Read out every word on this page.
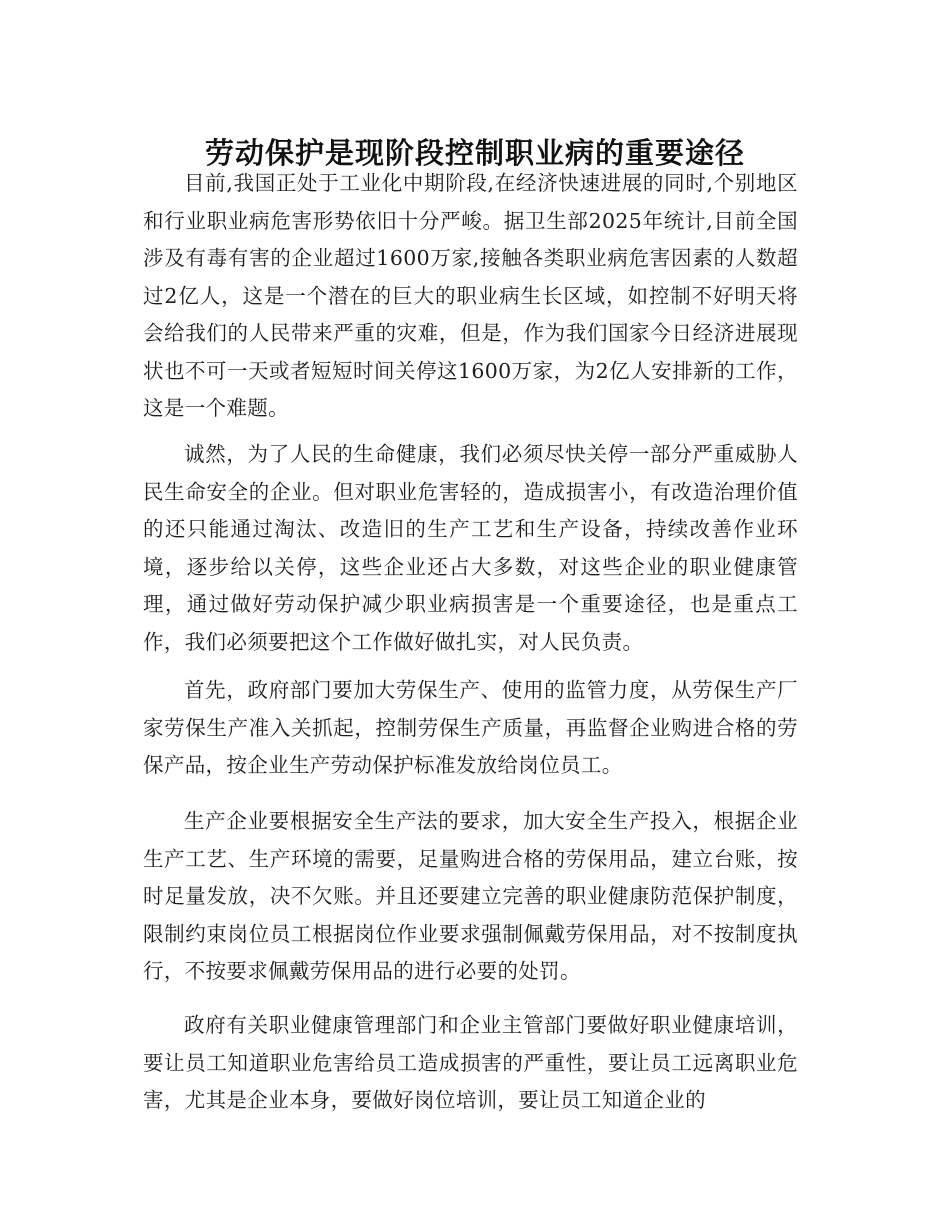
劳动保护是现阶段控制职业病的重要途径

目前,我国正处于工业化中期阶段,在经济快速进展的同时,个别地区和行业职业病危害形势依旧十分严峻。据卫生部2025年统计,目前全国涉及有毒有害的企业超过1600万家,接触各类职业病危害因素的人数超过2亿人，这是一个潜在的巨大的职业病生长区域，如控制不好明天将会给我们的人民带来严重的灾难，但是，作为我们国家今日经济进展现状也不可一天或者短短时间关停这1600万家，为2亿人安排新的工作，这是一个难题。

诚然，为了人民的生命健康，我们必须尽快关停一部分严重威胁人民生命安全的企业。但对职业危害轻的，造成损害小，有改造治理价值的还只能通过淘汰、改造旧的生产工艺和生产设备，持续改善作业环境，逐步给以关停，这些企业还占大多数，对这些企业的职业健康管理，通过做好劳动保护减少职业病损害是一个重要途径，也是重点工作，我们必须要把这个工作做好做扎实，对人民负责。

首先，政府部门要加大劳保生产、使用的监管力度，从劳保生产厂家劳保生产准入关抓起，控制劳保生产质量，再监督企业购进合格的劳保产品，按企业生产劳动保护标准发放给岗位员工。

生产企业要根据安全生产法的要求，加大安全生产投入，根据企业生产工艺、生产环境的需要，足量购进合格的劳保用品，建立台账，按时足量发放，决不欠账。并且还要建立完善的职业健康防范保护制度，限制约束岗位员工根据岗位作业要求强制佩戴劳保用品，对不按制度执行，不按要求佩戴劳保用品的进行必要的处罚。

政府有关职业健康管理部门和企业主管部门要做好职业健康培训，要让员工知道职业危害给员工造成损害的严重性，要让员工远离职业危害，尤其是企业本身，要做好岗位培训，要让员工知道企业的
